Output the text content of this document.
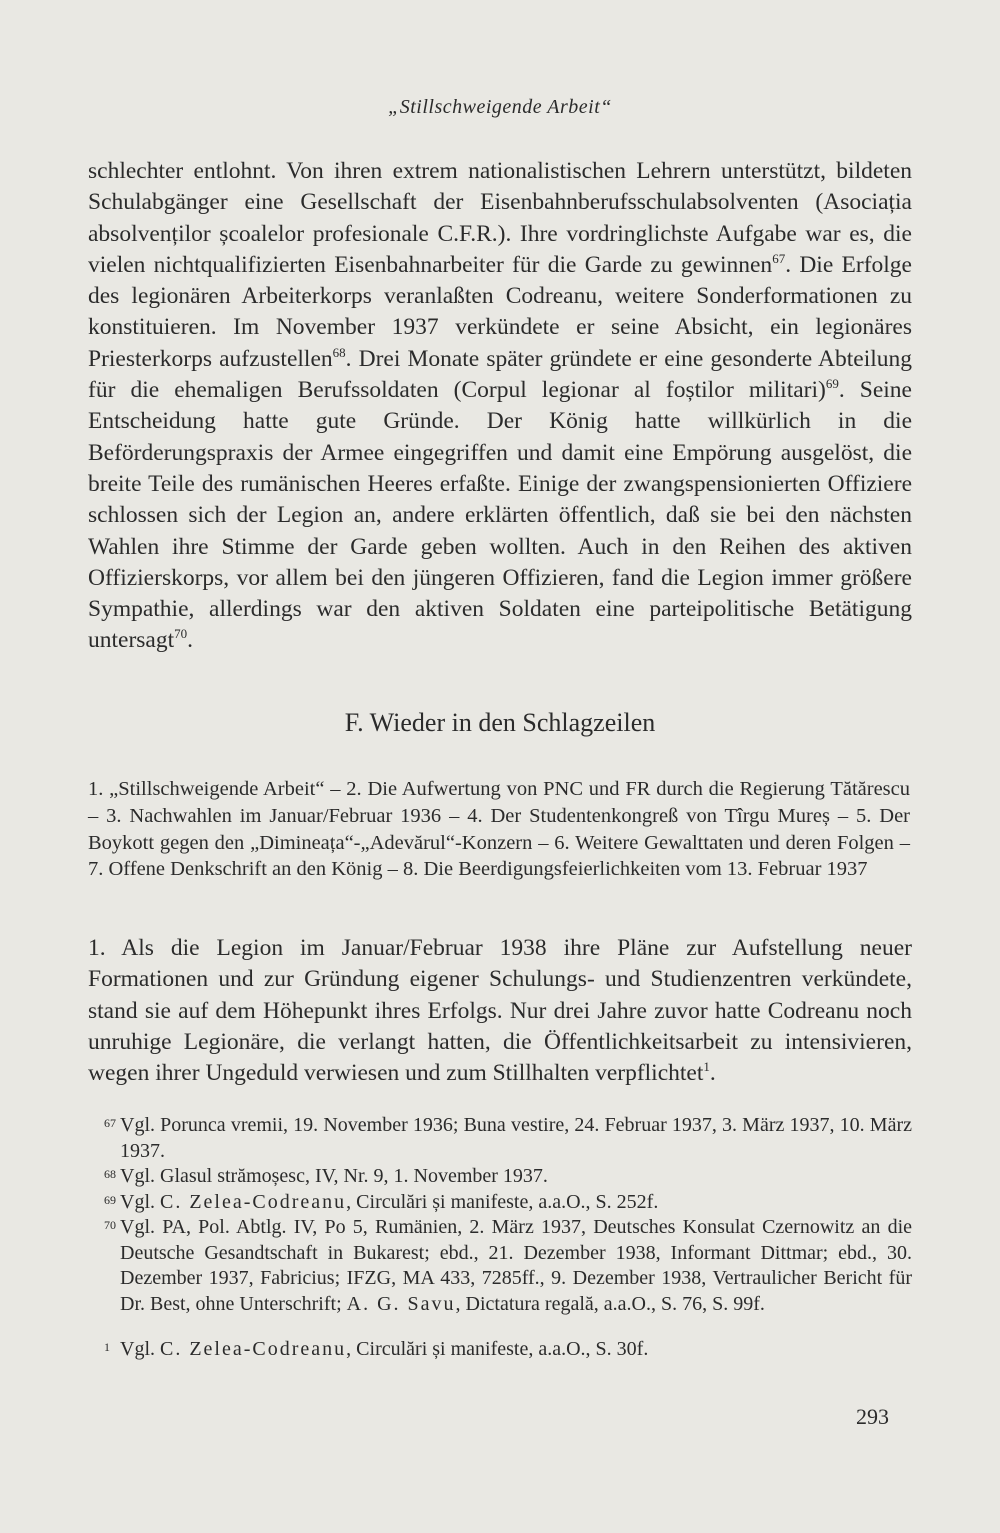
„Stillschweigende Arbeit“
schlechter entlohnt. Von ihren extrem nationalistischen Lehrern unterstützt, bildeten Schulabgänger eine Gesellschaft der Eisenbahnberufsschulabsolventen (Asociația absolvenților școalelor profesionale C.F.R.). Ihre vordringlichste Aufgabe war es, die vielen nichtqualifizierten Eisenbahnarbeiter für die Garde zu gewinnen$^{67}$. Die Erfolge des legionären Arbeiterkorps veranlaßten Codreanu, weitere Sonderformationen zu konstituieren. Im November 1937 verkündete er seine Absicht, ein legionäres Priesterkorps aufzustellen$^{68}$. Drei Monate später gründete er eine gesonderte Abteilung für die ehemaligen Berufssoldaten (Corpul legionar al foștilor militari)$^{69}$. Seine Entscheidung hatte gute Gründe. Der König hatte willkürlich in die Beförderungspraxis der Armee eingegriffen und damit eine Empörung ausgelöst, die breite Teile des rumänischen Heeres erfaßte. Einige der zwangspensionierten Offiziere schlossen sich der Legion an, andere erklärten öffentlich, daß sie bei den nächsten Wahlen ihre Stimme der Garde geben wollten. Auch in den Reihen des aktiven Offizierskorps, vor allem bei den jüngeren Offizieren, fand die Legion immer größere Sympathie, allerdings war den aktiven Soldaten eine parteipolitische Betätigung untersagt$^{70}$.
F. Wieder in den Schlagzeilen
1. „Stillschweigende Arbeit“ – 2. Die Aufwertung von PNC und FR durch die Regierung Tătărescu – 3. Nachwahlen im Januar/Februar 1936 – 4. Der Studentenkongreß von Tîrgu Mureș – 5. Der Boykott gegen den „Dimineața“-„Adevărul“-Konzern – 6. Weitere Gewalttaten und deren Folgen – 7. Offene Denkschrift an den König – 8. Die Beerdigungsfeierlichkeiten vom 13. Februar 1937
1. Als die Legion im Januar/Februar 1938 ihre Pläne zur Aufstellung neuer Formationen und zur Gründung eigener Schulungs- und Studienzentren verkündete, stand sie auf dem Höhepunkt ihres Erfolgs. Nur drei Jahre zuvor hatte Codreanu noch unruhige Legionäre, die verlangt hatten, die Öffentlichkeitsarbeit zu intensivieren, wegen ihrer Ungeduld verwiesen und zum Stillhalten verpflichtet$^1$.
67 Vgl. Poruncа vremii, 19. November 1936; Buna vestire, 24. Februar 1937, 3. März 1937, 10. März 1937.
68 Vgl. Glasul strămoșesc, IV, Nr. 9, 1. November 1937.
69 Vgl. C. Zelea-Codreanu, Circulări și manifeste, a.a.O., S. 252f.
70 Vgl. PA, Pol. Abtlg. IV, Po 5, Rumänien, 2. März 1937, Deutsches Konsulat Czernowitz an die Deutsche Gesandtschaft in Bukarest; ebd., 21. Dezember 1938, Informant Dittmar; ebd., 30. Dezember 1937, Fabricius; IFZG, MA 433, 7285ff., 9. Dezember 1938, Vertraulicher Bericht für Dr. Best, ohne Unterschrift; A. G. Savu, Dictatura regală, a.a.O., S. 76, S. 99f.
1 Vgl. C. Zelea-Codreanu, Circulări și manifeste, a.a.O., S. 30f.
293
